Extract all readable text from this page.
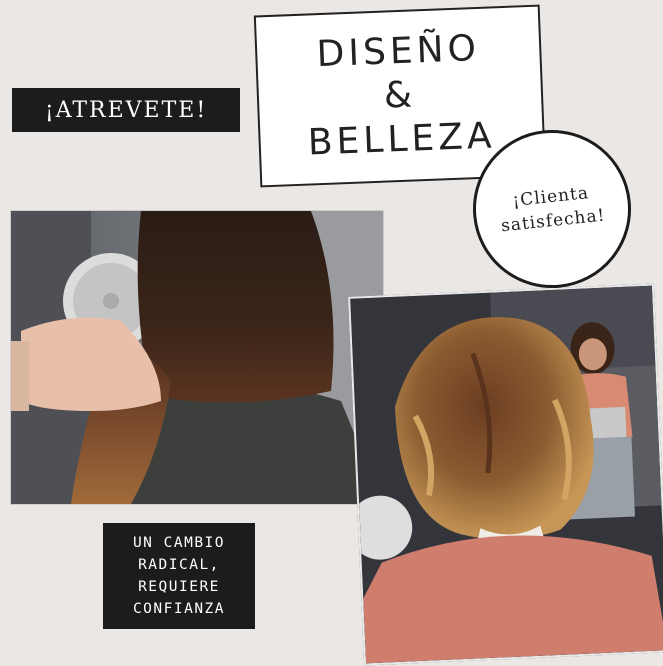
¡ATREVETE!
DISEÑO
&
BELLEZA
¡Clienta
satisfecha!
UN CAMBIO
RADICAL,
REQUIERE
CONFIANZA
